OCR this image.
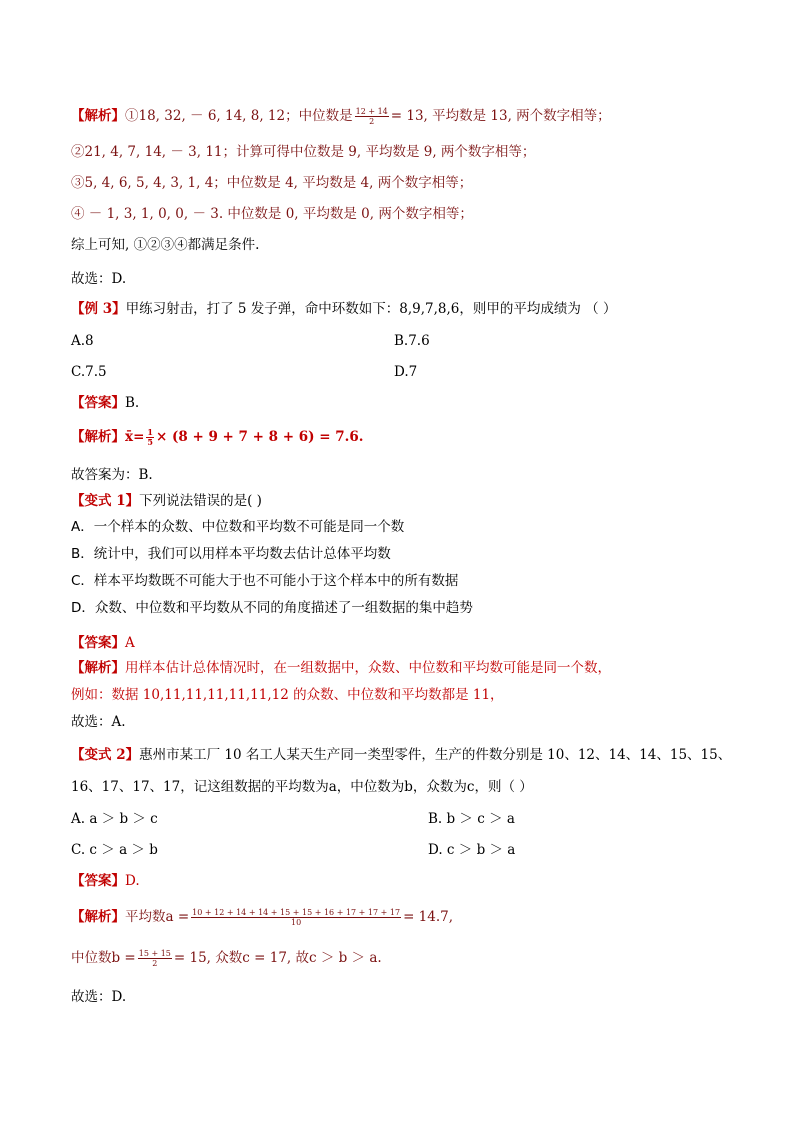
【解析】①18, 32, － 6, 14, 8, 12；中位数是 $\frac{12 + 14}{2} = 13$, 平均数是 13, 两个数字相等；
②21, 4, 7, 14, － 3, 11；计算可得中位数是 9, 平均数是 9, 两个数字相等；
③5, 4, 6, 5, 4, 3, 1, 4；中位数是 4, 平均数是 4, 两个数字相等；
④ － 1, 3, 1, 0, 0, － 3. 中位数是 0, 平均数是 0, 两个数字相等；
综上可知, ①②③④都满足条件.
故选：D.
【例 3】甲练习射击，打了 5 发子弹，命中环数如下：8,9,7,8,6，则甲的平均成绩为 （ ）
A.8	B.7.6
C.7.5	D.7
【答案】B.
【解析】x̄= $\frac{1}{5} \times (8 + 9 + 7 + 8 + 6) = 7.6$.
故答案为：B.
【变式 1】下列说法错误的是( )
A．一个样本的众数、中位数和平均数不可能是同一个数
B．统计中，我们可以用样本平均数去估计总体平均数
C．样本平均数既不可能大于也不可能小于这个样本中的所有数据
D．众数、中位数和平均数从不同的角度描述了一组数据的集中趋势
【答案】A
【解析】用样本估计总体情况时，在一组数据中，众数、中位数和平均数可能是同一个数，
例如：数据 10,11,11,11,11,11,12 的众数、中位数和平均数都是 11，
故选：A.
【变式 2】惠州市某工厂 10 名工人某天生产同一类型零件，生产的件数分别是 10、12、14、14、15、15、
16、17、17、17，记这组数据的平均数为a，中位数为b，众数为c，则（ ）
A. a ＞ b ＞ c	B. b ＞ c ＞ a
C. c ＞ a ＞ b	D. c ＞ b ＞ a
【答案】D.
【解析】平均数$a = \frac{10 + 12 + 14 + 14 + 15 + 15 + 16 + 17 + 17 + 17}{10} = 14.7$,
中位数$b = \frac{15 + 15}{2} = 15$, 众数c = 17, 故c ＞ b ＞ a.
故选：D.
